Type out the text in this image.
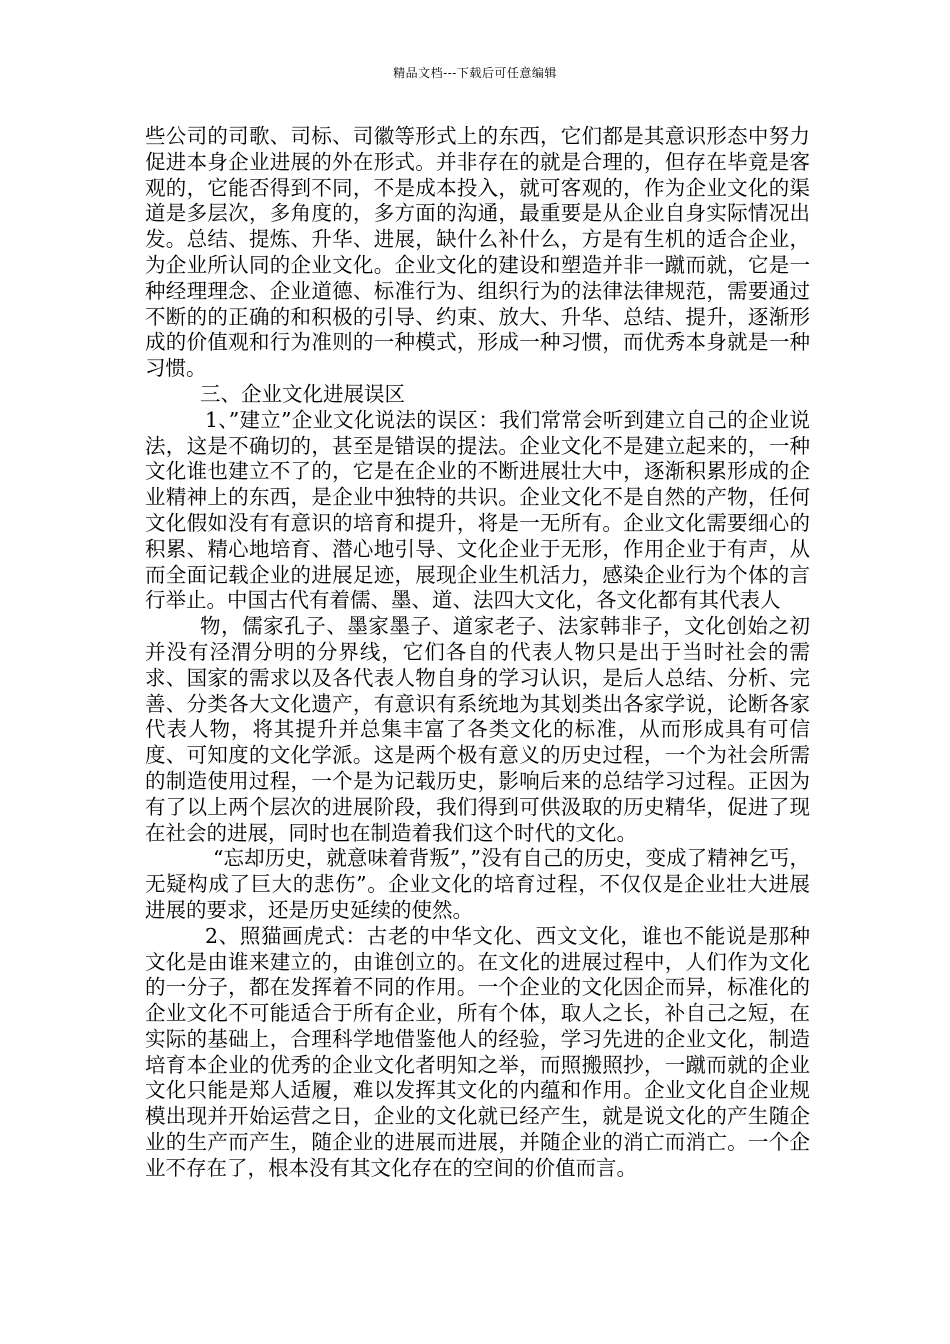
精品文档---下载后可任意编辑

些公司的司歌、司标、司徽等形式上的东西，它们都是其意识形态中努力促进本身企业进展的外在形式。并非存在的就是合理的，但存在毕竟是客观的，它能否得到不同，不是成本投入，就可客观的，作为企业文化的渠道是多层次，多角度的，多方面的沟通，最重要是从企业自身实际情况出发。总结、提炼、升华、进展，缺什么补什么，方是有生机的适合企业，为企业所认同的企业文化。企业文化的建设和塑造并非一蹴而就，它是一种经理理念、企业道德、标准行为、组织行为的法律法律规范，需要通过不断的的正确的和积极的引导、约束、放大、升华、总结、提升，逐渐形成的价值观和行为准则的一种模式，形成一种习惯，而优秀本身就是一种习惯。

三、企业文化进展误区

1、”建立”企业文化说法的误区：我们常常会听到建立自己的企业说法，这是不确切的，甚至是错误的提法。企业文化不是建立起来的，一种文化谁也建立不了的，它是在企业的不断进展壮大中，逐渐积累形成的企业精神上的东西，是企业中独特的共识。企业文化不是自然的产物，任何文化假如没有有意识的培育和提升，将是一无所有。企业文化需要细心的积累、精心地培育、潜心地引导、文化企业于无形，作用企业于有声，从而全面记载企业的进展足迹，展现企业生机活力，感染企业行为个体的言行举止。中国古代有着儒、墨、道、法四大文化，各文化都有其代表人

物，儒家孔子、墨家墨子、道家老子、法家韩非子，文化创始之初并没有泾渭分明的分界线，它们各自的代表人物只是出于当时社会的需求、国家的需求以及各代表人物自身的学习认识，是后人总结、分析、完善、分类各大文化遗产，有意识有系统地为其划类出各家学说，论断各家代表人物，将其提升并总集丰富了各类文化的标准，从而形成具有可信度、可知度的文化学派。这是两个极有意义的历史过程，一个为社会所需的制造使用过程，一个是为记载历史，影响后来的总结学习过程。正因为有了以上两个层次的进展阶段，我们得到可供汲取的历史精华，促进了现在社会的进展，同时也在制造着我们这个时代的文化。

“忘却历史，就意味着背叛”，”没有自己的历史，变成了精神乞丐，无疑构成了巨大的悲伤”。企业文化的培育过程，不仅仅是企业壮大进展进展的要求，还是历史延续的使然。

2、照猫画虎式：古老的中华文化、西文文化，谁也不能说是那种文化是由谁来建立的，由谁创立的。在文化的进展过程中，人们作为文化的一分子，都在发挥着不同的作用。一个企业的文化因企而异，标准化的企业文化不可能适合于所有企业，所有个体，取人之长，补自己之短，在实际的基础上，合理科学地借鉴他人的经验，学习先进的企业文化，制造培育本企业的优秀的企业文化者明知之举，而照搬照抄，一蹴而就的企业文化只能是郑人适履，难以发挥其文化的内蕴和作用。企业文化自企业规模出现并开始运营之日，企业的文化就已经产生，就是说文化的产生随企业的生产而产生，随企业的进展而进展，并随企业的消亡而消亡。一个企业不存在了，根本没有其文化存在的空间的价值而言。
